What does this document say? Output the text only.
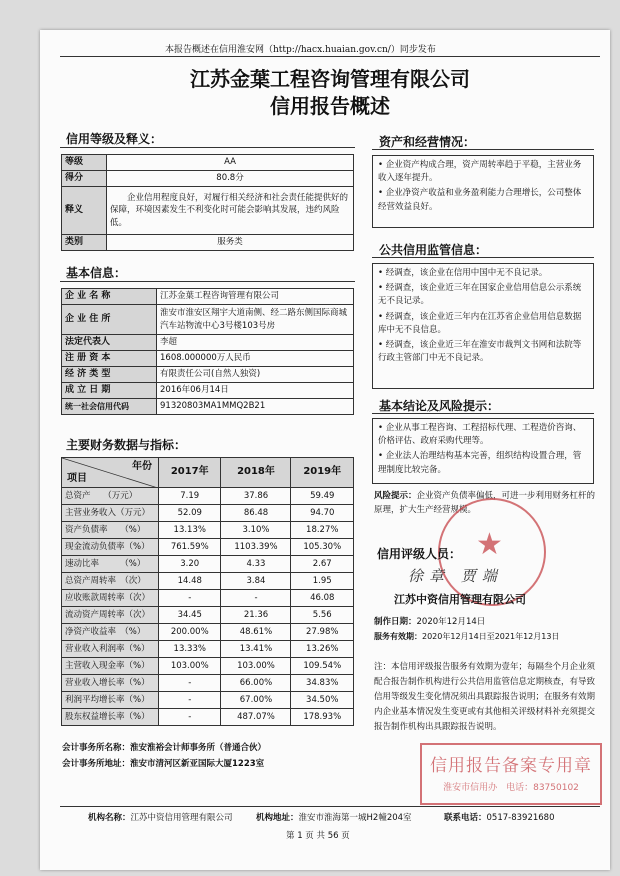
本报告概述在信用淮安网（http://hacx.huaian.gov.cn/）同步发布
江苏金葉工程咨询管理有限公司
信用报告概述
信用等级及释义：
等级	AA
得分	80.8分
释义	企业信用程度良好，对履行相关经济和社会责任能提供好的保障，环境因素发生不利变化时可能会影响其发展，违约风险低。
类别	服务类
基本信息：
企 业 名 称	江苏金葉工程咨询管理有限公司
企 业 住 所	淮安市淮安区翔宇大道南侧、经二路东侧国际商城汽车站物流中心3号楼103号房
法定代表人	李超
注 册 资 本	1608.000000万人民币
经 济 类 型	有限责任公司(自然人独资)
成 立 日 期	2016年06月14日
统一社会信用代码	91320803MA1MMQ2B21
主要财务数据与指标：
年份
项目	2017年	2018年	2019年
总资产　　（万元）	7.19	37.86	59.49
主营业务收入（万元）	52.09	86.48	94.70
资产负债率　　（%）	13.13%	3.10%	18.27%
现金流动负债率（%）	761.59%	1103.39%	105.30%
速动比率　　　（%）	3.20	4.33	2.67
总资产周转率　（次）	14.48	3.84	1.95
应收账款周转率（次）	-	-	46.08
流动资产周转率（次）	34.45	21.36	5.56
净资产收益率　（%）	200.00%	48.61%	27.98%
营业收入利润率（%）	13.33%	13.41%	13.26%
主营收入现金率（%）	103.00%	103.00%	109.54%
营业收入增长率（%）	-	66.00%	34.83%
利润平均增长率（%）	-	67.00%	34.50%
股东权益增长率（%）	-	487.07%	178.93%
会计事务所名称：淮安淮裕会计师事务所（普通合伙）
会计事务所地址：淮安市清河区新亚国际大厦1223室
资产和经营情况：

• 企业资产构成合理，资产周转率趋于平稳，主营业务收入逐年提升。

• 企业净资产收益和业务盈利能力合理增长，公司整体经营效益良好。

公共信用监管信息：

• 经调查，该企业在信用中国中无不良记录。

• 经调查，该企业近三年在国家企业信用信息公示系统无不良记录。

• 经调查，该企业近三年内在江苏省企业信用信息数据库中无不良信息。

• 经调查，该企业近三年在淮安市裁判文书网和法院等行政主管部门中无不良记录。

基本结论及风险提示：

• 企业从事工程咨询、工程招标代理、工程造价咨询、价格评估、政府采购代理等。

• 企业法人治理结构基本完善，组织结构设置合理，管理制度比较完备。

风险提示：企业资产负债率偏低，可进一步利用财务杠杆的原理，扩大生产经营规模。
★
信用评级人员：
徐章 贾端
江苏中资信用管理有限公司
制作日期：2020年12月14日
服务有效期：2020年12月14日至2021年12月13日
注：本信用评级报告服务有效期为壹年；每隔叁个月企业须配合报告制作机构进行公共信用监管信息定期核查，有导致信用等级发生变化情况须出具跟踪报告说明；在服务有效期内企业基本情况发生变更或有其他相关评级材料补充须提交报告制作机构出具跟踪报告说明。
信用报告备案专用章
淮安市信用办　电话：83750102
机构名称：江苏中资信用管理有限公司	机构地址：淮安市淮海第一城H2幢204室	联系电话：0517-83921680
第 1 页 共 56 页
